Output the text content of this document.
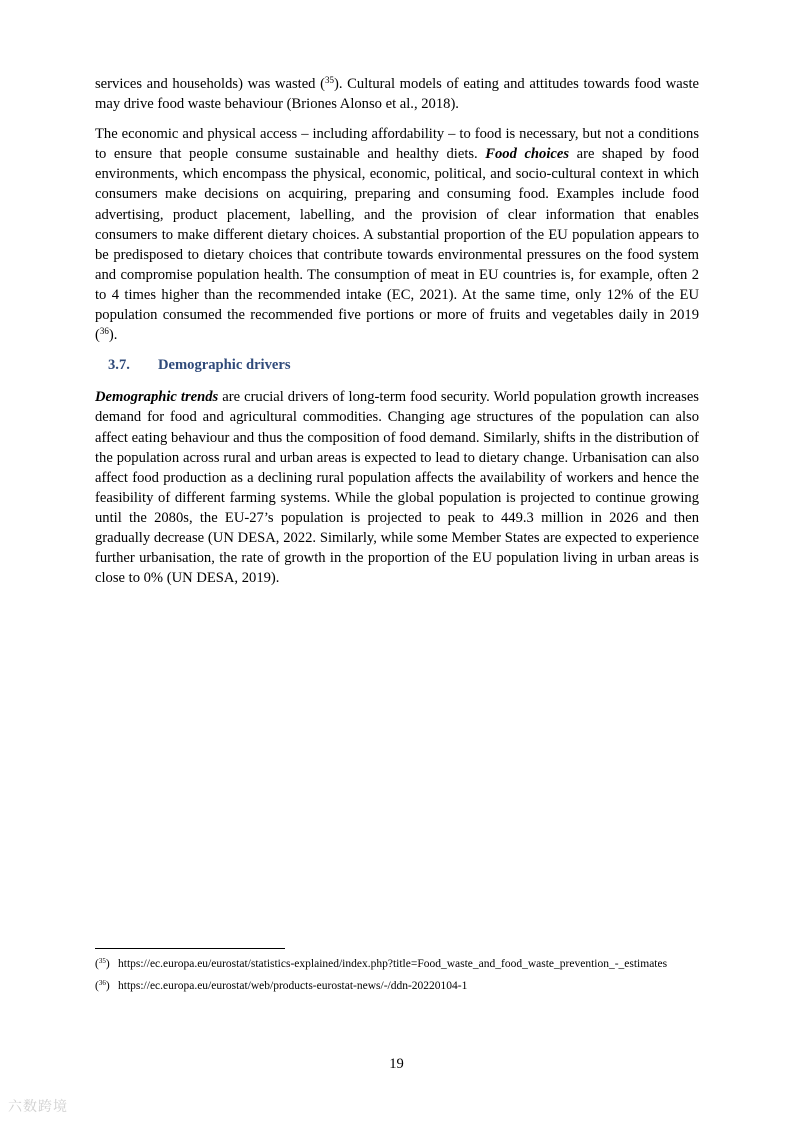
services and households) was wasted ($^{35}$). Cultural models of eating and attitudes towards food waste may drive food waste behaviour (Briones Alonso et al., 2018).

The economic and physical access – including affordability – to food is necessary, but not a conditions to ensure that people consume sustainable and healthy diets. Food choices are shaped by food environments, which encompass the physical, economic, political, and socio-cultural context in which consumers make decisions on acquiring, preparing and consuming food. Examples include food advertising, product placement, labelling, and the provision of clear information that enables consumers to make different dietary choices. A substantial proportion of the EU population appears to be predisposed to dietary choices that contribute towards environmental pressures on the food system and compromise population health. The consumption of meat in EU countries is, for example, often 2 to 4 times higher than the recommended intake (EC, 2021). At the same time, only 12% of the EU population consumed the recommended five portions or more of fruits and vegetables daily in 2019 ($^{36}$).

3.7. Demographic drivers

Demographic trends are crucial drivers of long-term food security. World population growth increases demand for food and agricultural commodities. Changing age structures of the population can also affect eating behaviour and thus the composition of food demand. Similarly, shifts in the distribution of the population across rural and urban areas is expected to lead to dietary change. Urbanisation can also affect food production as a declining rural population affects the availability of workers and hence the feasibility of different farming systems. While the global population is projected to continue growing until the 2080s, the EU-27’s population is projected to peak to 449.3 million in 2026 and then gradually decrease (UN DESA, 2022. Similarly, while some Member States are expected to experience further urbanisation, the rate of growth in the proportion of the EU population living in urban areas is close to 0% (UN DESA, 2019).

($^{35}$) https://ec.europa.eu/eurostat/statistics-explained/index.php?title=Food_waste_and_food_waste_prevention_-_estimates
($^{36}$) https://ec.europa.eu/eurostat/web/products-eurostat-news/-/ddn-20220104-1
19
六数跨境
